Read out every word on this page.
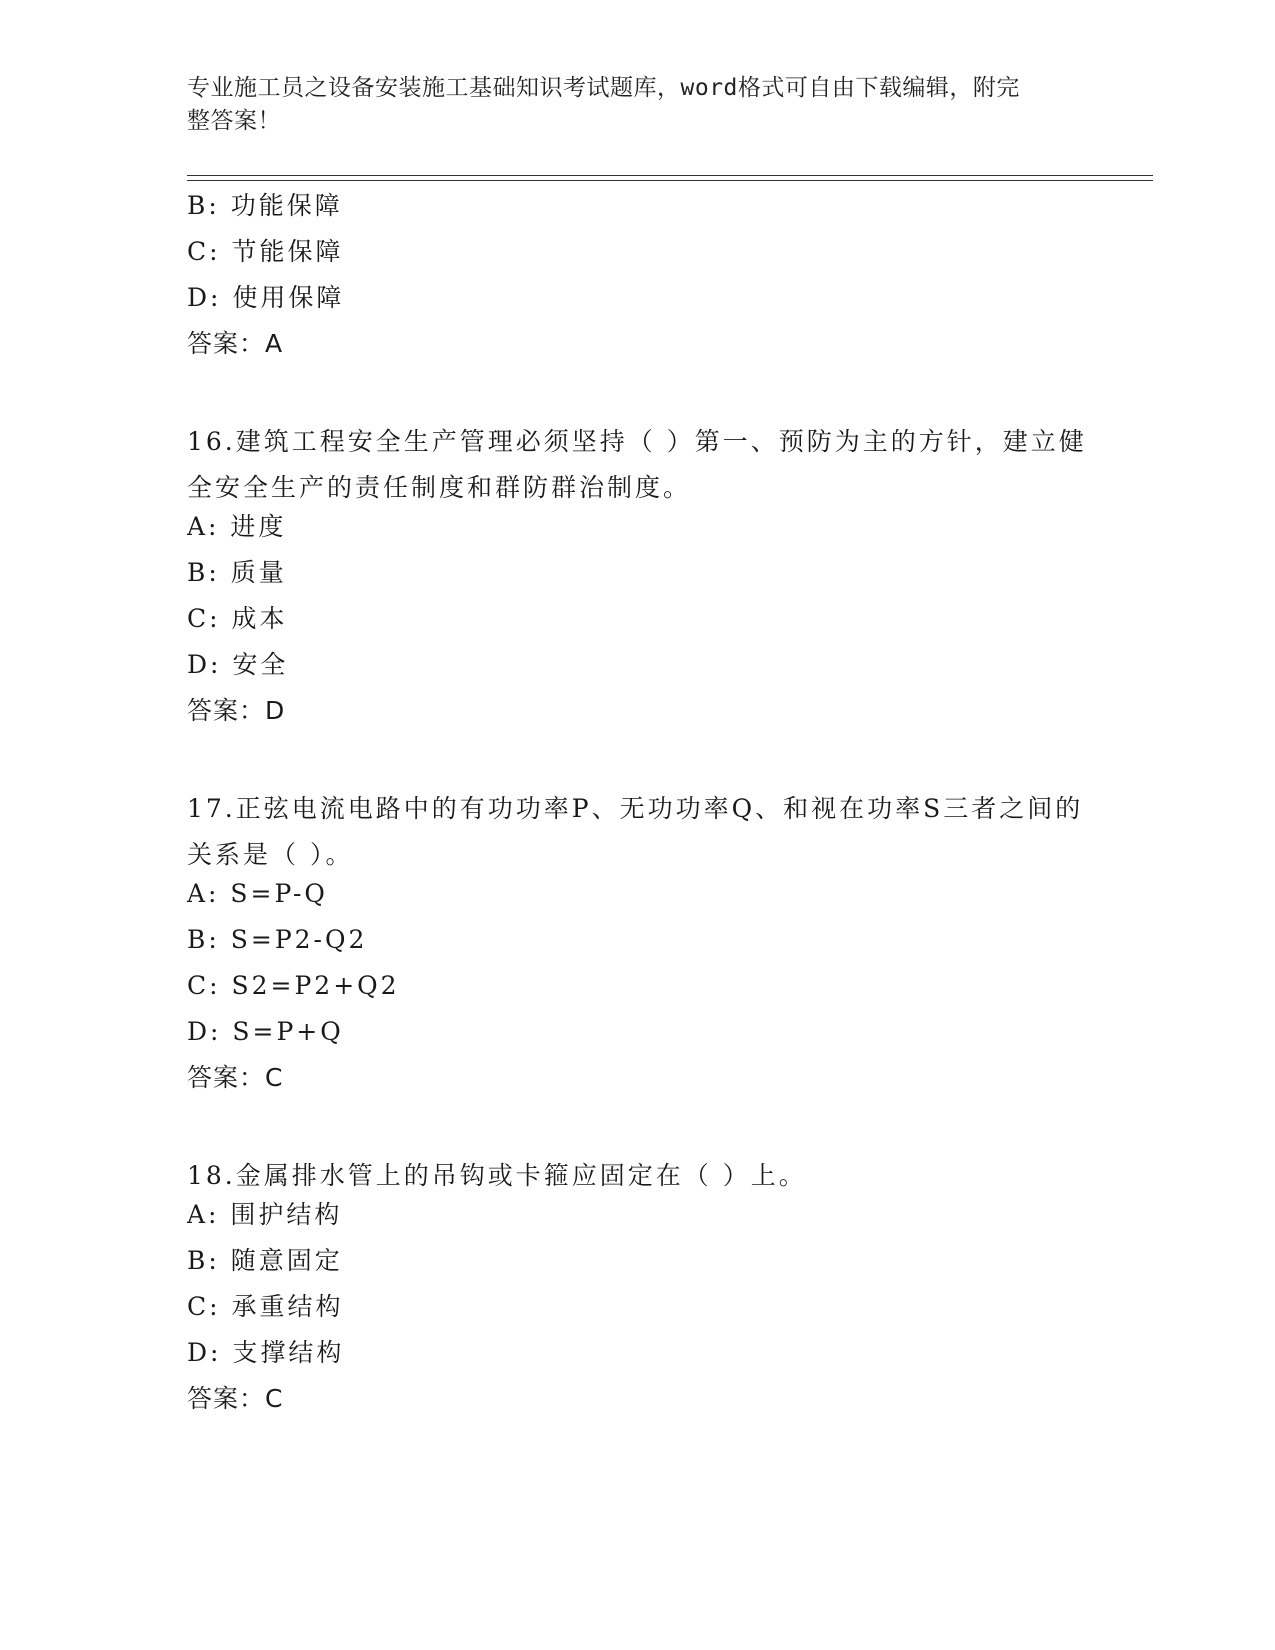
专业施工员之设备安装施工基础知识考试题库，word格式可自由下载编辑，附完
整答案！
B: 功能保障
C: 节能保障
D: 使用保障
答案：A
16.建筑工程安全生产管理必须坚持（ ）第一、预防为主的方针，建立健全安全生产的责任制度和群防群治制度。
A: 进度
B: 质量
C: 成本
D: 安全
答案：D
17.正弦电流电路中的有功功率P、无功功率Q、和视在功率S三者之间的关系是（ ）。
A: S=P-Q
B: S=P2-Q2
C: S2=P2+Q2
D: S=P+Q
答案：C
18.金属排水管上的吊钩或卡箍应固定在（ ）上。
A: 围护结构
B: 随意固定
C: 承重结构
D: 支撑结构
答案：C
